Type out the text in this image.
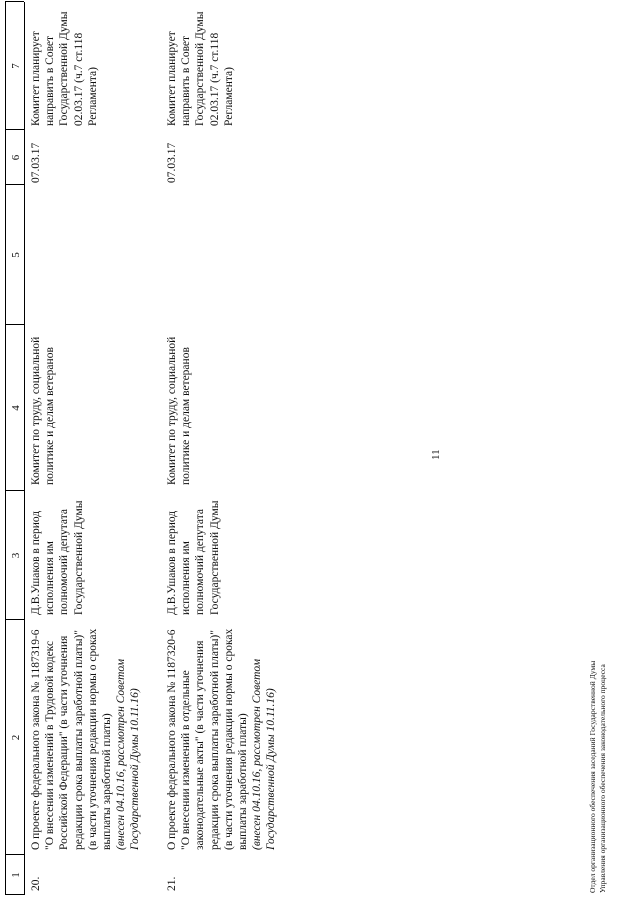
1
2
3
4
5
6
7
20.
О проекте федерального закона № 1187319-6 "О внесении изменений в Трудовой кодекс Российской Федерации" (в части уточнения редакции срока выплаты заработной платы)" (в части уточнения редакции нормы о сроках выплаты заработной платы) (внесен 04.10.16, рассмотрен Советом Государственной Думы 10.11.16)
Д.В.Ушаков в период исполнения им полномочий депутата Государственной Думы
Комитет по труду, социальной политике и делам ветеранов
07.03.17
Комитет планирует направить в Совет Государственной Думы 02.03.17 (ч.7 ст.118 Регламента)
21.
О проекте федерального закона № 1187320-6 "О внесении изменений в отдельные законодательные акты" (в части уточнения редакции срока выплаты заработной платы)" (в части уточнения редакции нормы о сроках выплаты заработной платы) (внесен 04.10.16, рассмотрен Советом Государственной Думы 10.11.16)
Д.В.Ушаков в период исполнения им полномочий депутата Государственной Думы
Комитет по труду, социальной политике и делам ветеранов
07.03.17
Комитет планирует направить в Совет Государственной Думы 02.03.17 (ч.7 ст.118 Регламента)
11
Отдел организационного обеспечения заседаний Государственной Думы Управления организационного обеспечения законодательного процесса
